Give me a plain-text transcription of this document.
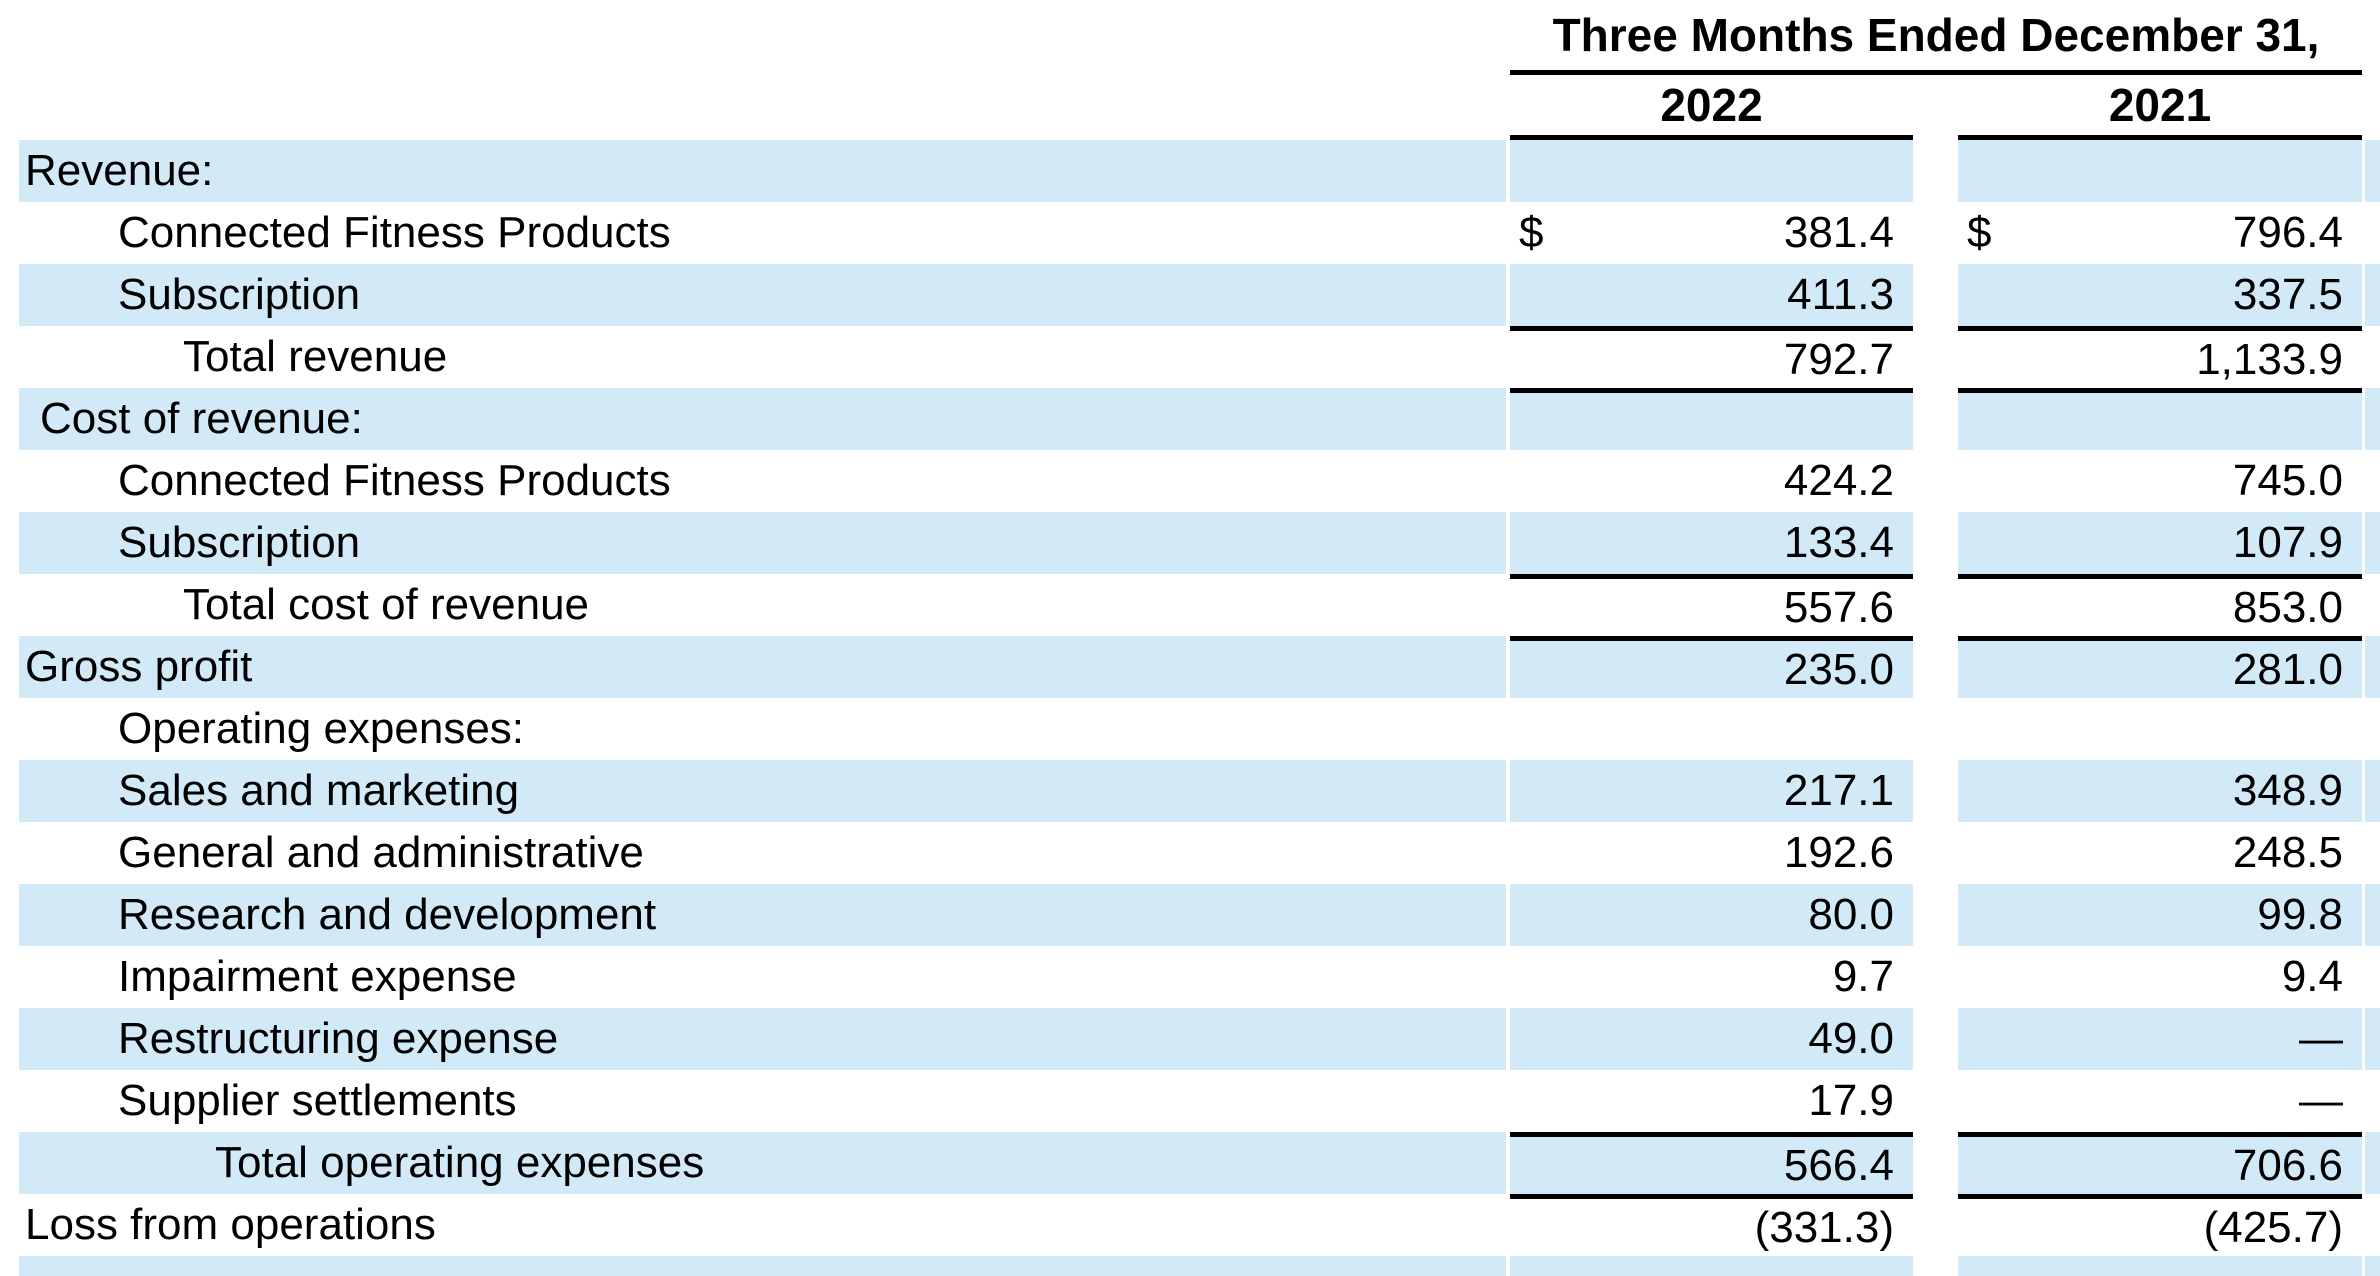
Three Months Ended December 31,
2022	2021
Revenue:
Connected Fitness Products	$	381.4 $	796.4
Subscription	411.3	337.5
Total revenue	792.7	1,133.9
Cost of revenue:
Connected Fitness Products	424.2	745.0
Subscription	133.4	107.9
Total cost of revenue	557.6	853.0
Gross profit	235.0	281.0
Operating expenses:
Sales and marketing	217.1	348.9
General and administrative	192.6	248.5
Research and development	80.0	99.8
Impairment expense	9.7	9.4
Restructuring expense	49.0	—
Supplier settlements	17.9	—
Total operating expenses	566.4	706.6
Loss from operations	(331.3)	(425.7)
